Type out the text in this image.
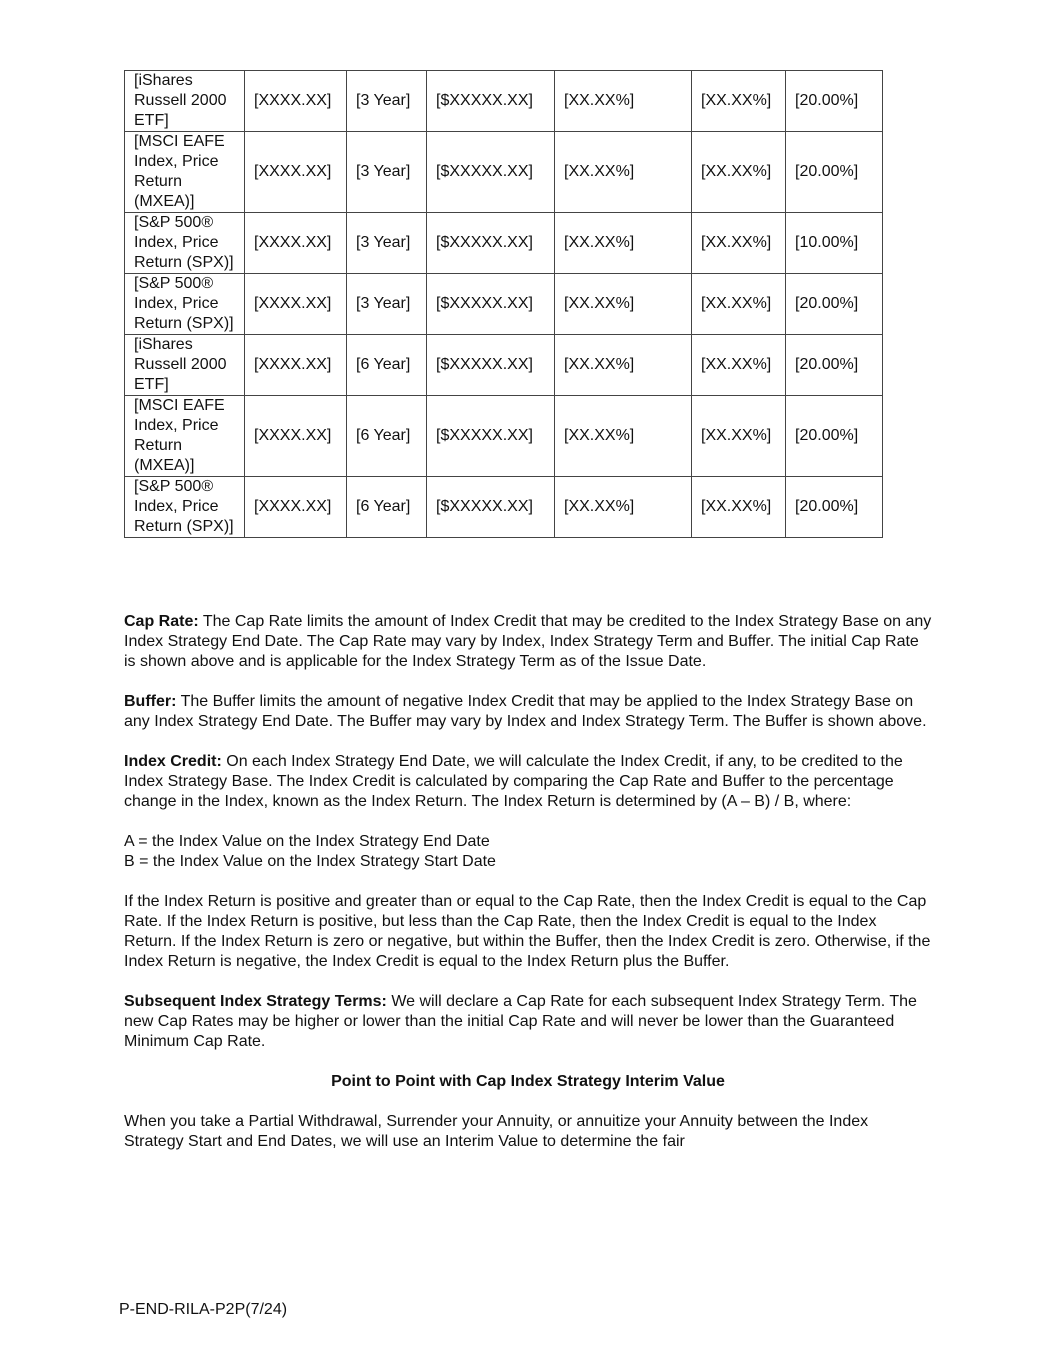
[iShares Russell 2000 ETF]	[XXXX.XX]	[3 Year]	[$XXXXX.XX]	[XX.XX%]	[XX.XX%]	[20.00%]
[MSCI EAFE Index, Price Return (MXEA)]	[XXXX.XX]	[3 Year]	[$XXXXX.XX]	[XX.XX%]	[XX.XX%]	[20.00%]
[S&P 500® Index, Price Return (SPX)]	[XXXX.XX]	[3 Year]	[$XXXXX.XX]	[XX.XX%]	[XX.XX%]	[10.00%]
[S&P 500® Index, Price Return (SPX)]	[XXXX.XX]	[3 Year]	[$XXXXX.XX]	[XX.XX%]	[XX.XX%]	[20.00%]
[iShares Russell 2000 ETF]	[XXXX.XX]	[6 Year]	[$XXXXX.XX]	[XX.XX%]	[XX.XX%]	[20.00%]
[MSCI EAFE Index, Price Return (MXEA)]	[XXXX.XX]	[6 Year]	[$XXXXX.XX]	[XX.XX%]	[XX.XX%]	[20.00%]
[S&P 500® Index, Price Return (SPX)]	[XXXX.XX]	[6 Year]	[$XXXXX.XX]	[XX.XX%]	[XX.XX%]	[20.00%]

Cap Rate: The Cap Rate limits the amount of Index Credit that may be credited to the Index Strategy Base on any Index Strategy End Date. The Cap Rate may vary by Index, Index Strategy Term and Buffer. The initial Cap Rate is shown above and is applicable for the Index Strategy Term as of the Issue Date.

Buffer: The Buffer limits the amount of negative Index Credit that may be applied to the Index Strategy Base on any Index Strategy End Date. The Buffer may vary by Index and Index Strategy Term. The Buffer is shown above.

Index Credit: On each Index Strategy End Date, we will calculate the Index Credit, if any, to be credited to the Index Strategy Base. The Index Credit is calculated by comparing the Cap Rate and Buffer to the percentage change in the Index, known as the Index Return. The Index Return is determined by (A – B) / B, where:

A = the Index Value on the Index Strategy End Date
B = the Index Value on the Index Strategy Start Date

If the Index Return is positive and greater than or equal to the Cap Rate, then the Index Credit is equal to the Cap Rate. If the Index Return is positive, but less than the Cap Rate, then the Index Credit is equal to the Index Return. If the Index Return is zero or negative, but within the Buffer, then the Index Credit is zero. Otherwise, if the Index Return is negative, the Index Credit is equal to the Index Return plus the Buffer.

Subsequent Index Strategy Terms: We will declare a Cap Rate for each subsequent Index Strategy Term. The new Cap Rates may be higher or lower than the initial Cap Rate and will never be lower than the Guaranteed Minimum Cap Rate.

Point to Point with Cap Index Strategy Interim Value

When you take a Partial Withdrawal, Surrender your Annuity, or annuitize your Annuity between the Index Strategy Start and End Dates, we will use an Interim Value to determine the fair

P-END-RILA-P2P(7/24)
